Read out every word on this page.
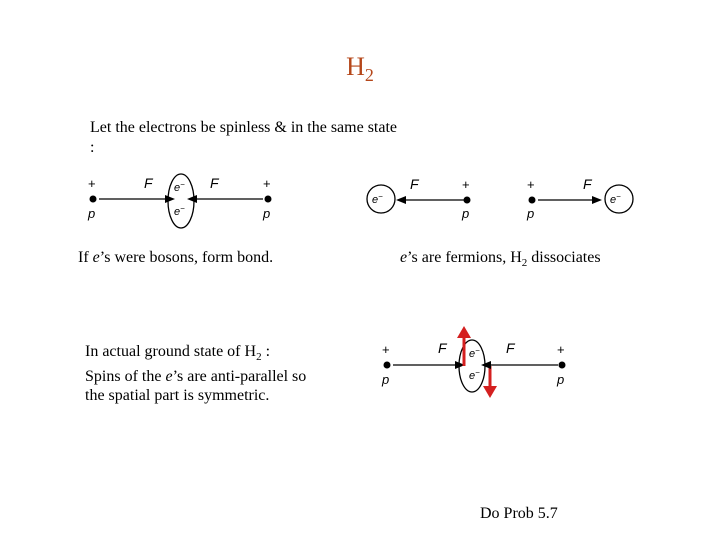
$H_2$
Let the electrons be spinless & in the same state
:
+
p
F e−
e−
F	+
p
e−
F	+
p
+
p
F
e−
If e’s were bosons, form bond.	e’s are fermions, $H_2$ dissociates
In actual ground state of $H_2$ :
Spins of the e’s are anti-parallel so
the spatial part is symmetric.
+
p
F e−
e−
F	+
p
Do Prob 5.7
